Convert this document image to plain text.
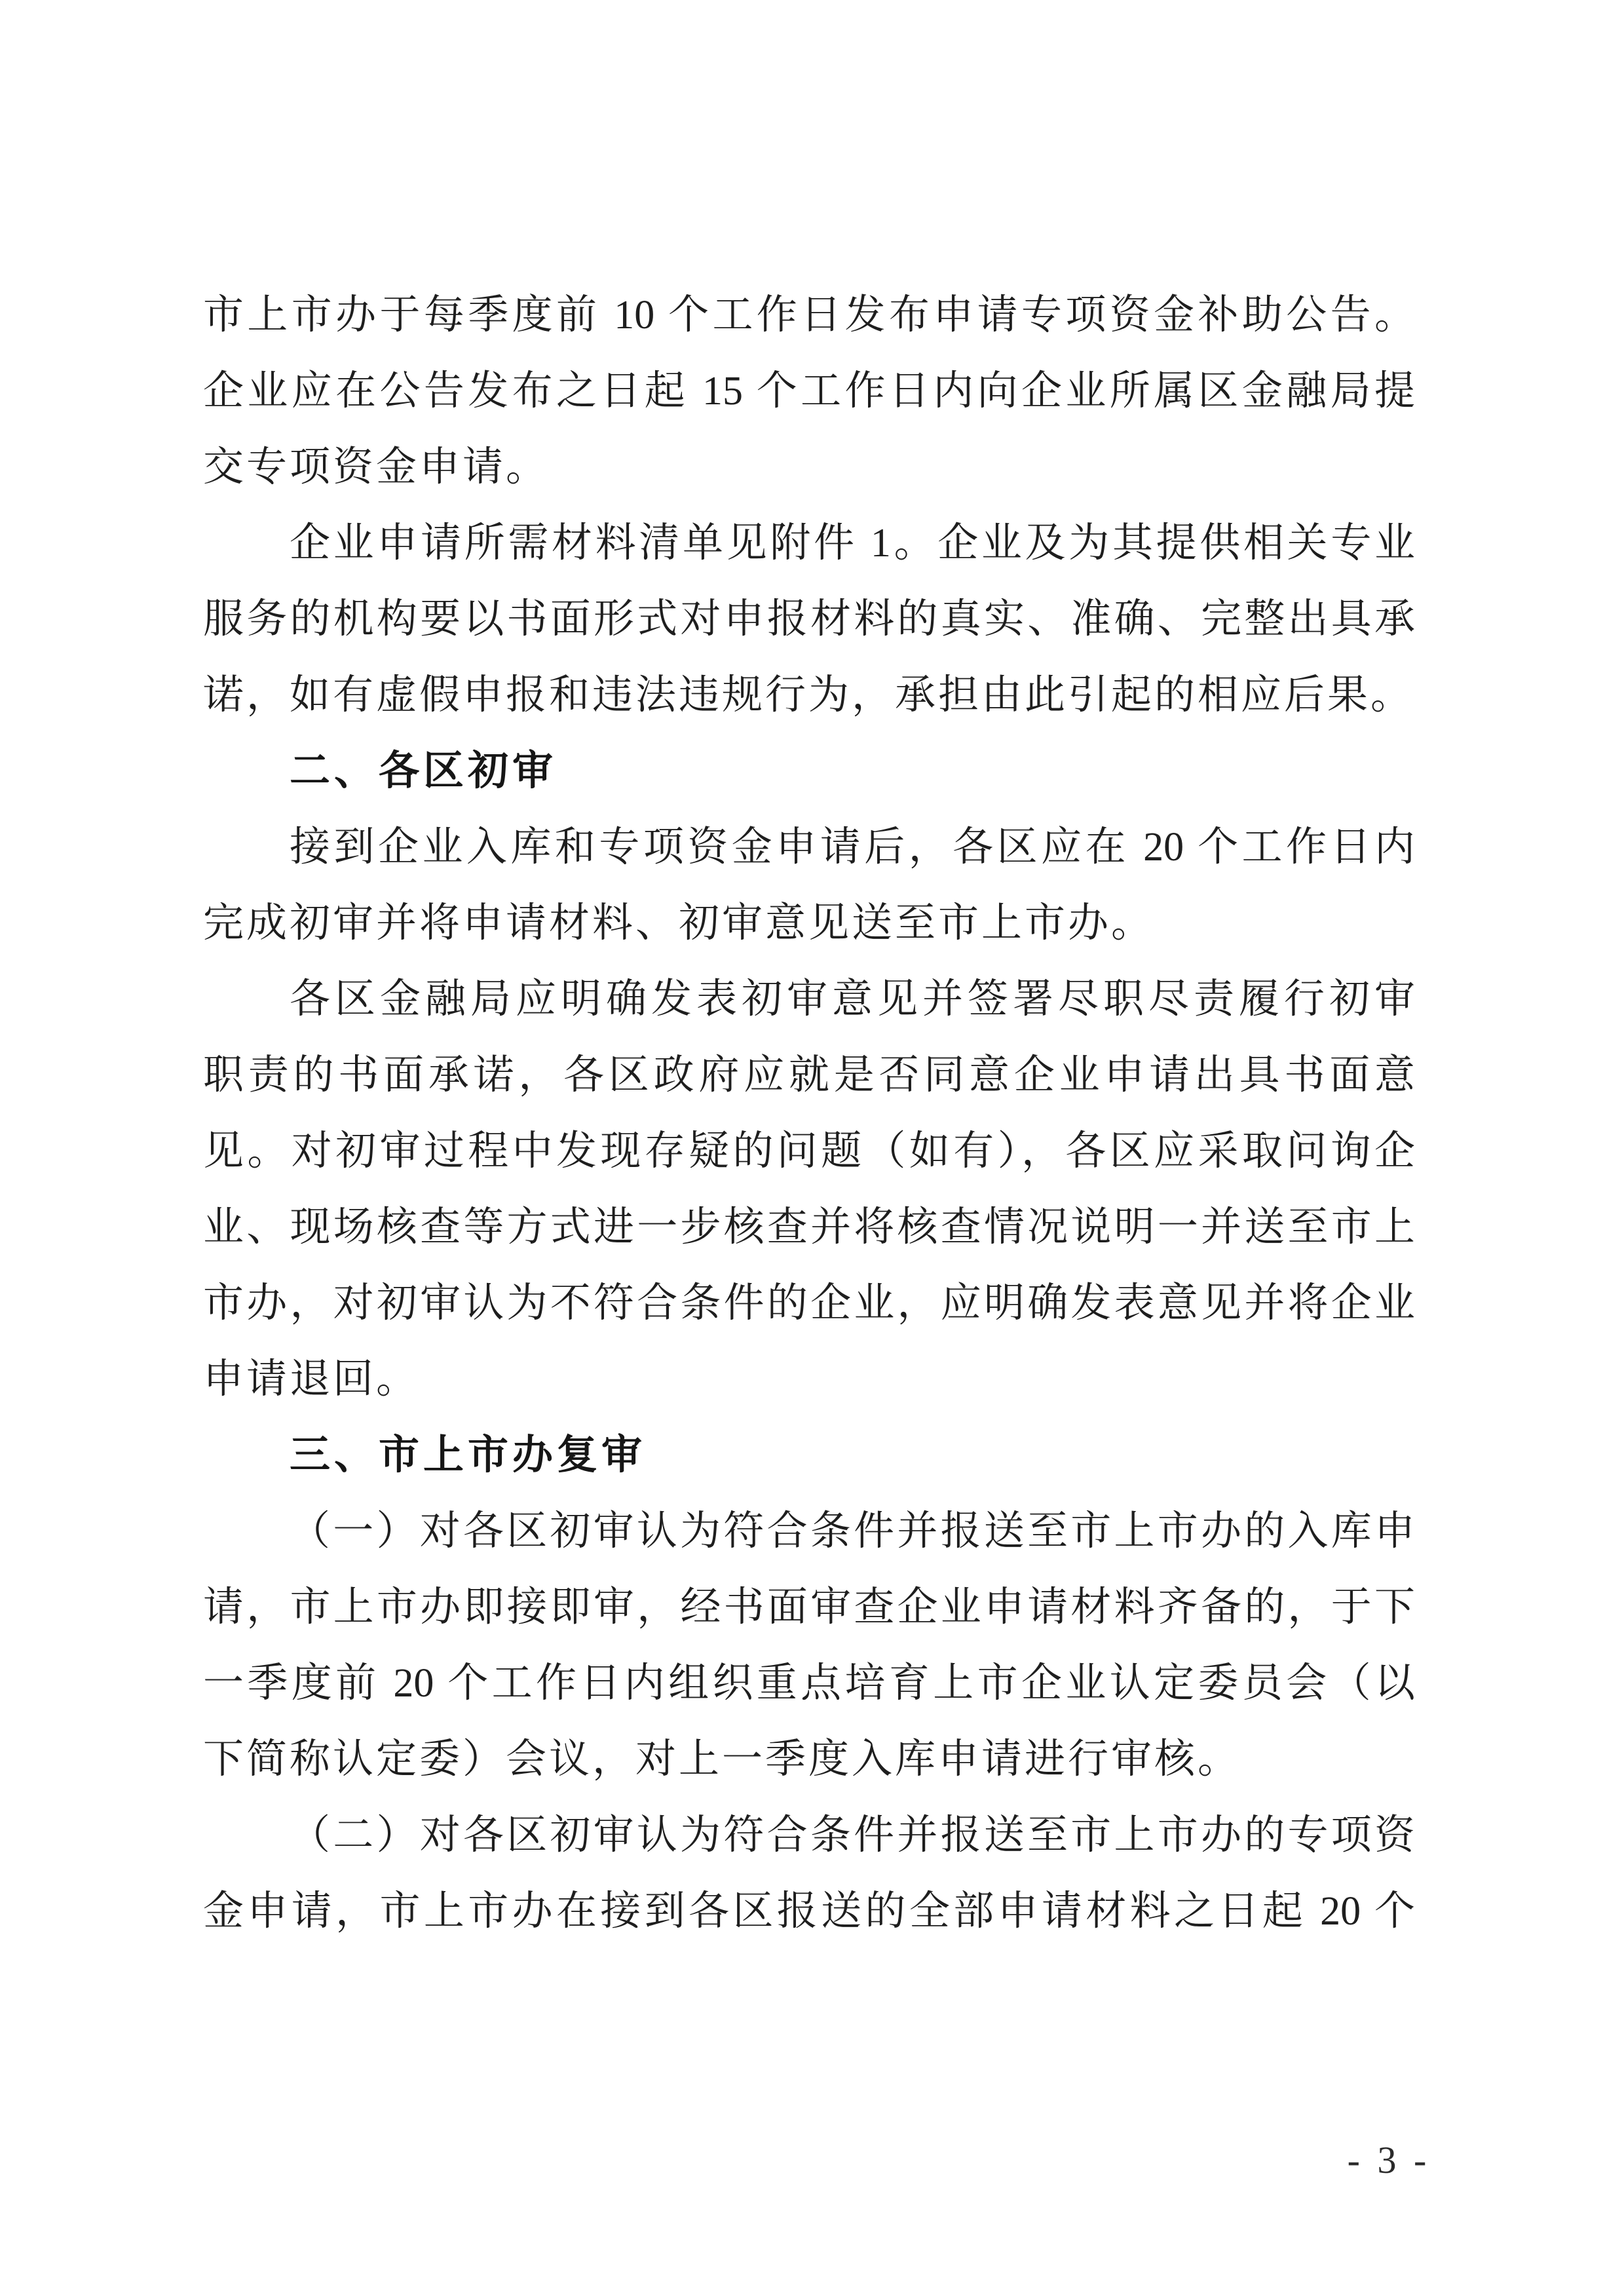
市上市办于每季度前 10 个工作日发布申请专项资金补助公告。
企业应在公告发布之日起 15 个工作日内向企业所属区金融局提
交专项资金申请。
企业申请所需材料清单见附件 1。企业及为其提供相关专业
服务的机构要以书面形式对申报材料的真实、准确、完整出具承
诺，如有虚假申报和违法违规行为，承担由此引起的相应后果。
二、各区初审
接到企业入库和专项资金申请后，各区应在 20 个工作日内
完成初审并将申请材料、初审意见送至市上市办。
各区金融局应明确发表初审意见并签署尽职尽责履行初审
职责的书面承诺，各区政府应就是否同意企业申请出具书面意
见。对初审过程中发现存疑的问题（如有），各区应采取问询企
业、现场核查等方式进一步核查并将核查情况说明一并送至市上
市办，对初审认为不符合条件的企业，应明确发表意见并将企业
申请退回。
三、市上市办复审
（一）对各区初审认为符合条件并报送至市上市办的入库申
请，市上市办即接即审，经书面审查企业申请材料齐备的，于下
一季度前 20 个工作日内组织重点培育上市企业认定委员会（以
下简称认定委）会议，对上一季度入库申请进行审核。
（二）对各区初审认为符合条件并报送至市上市办的专项资
金申请，市上市办在接到各区报送的全部申请材料之日起 20 个
- 3 -
